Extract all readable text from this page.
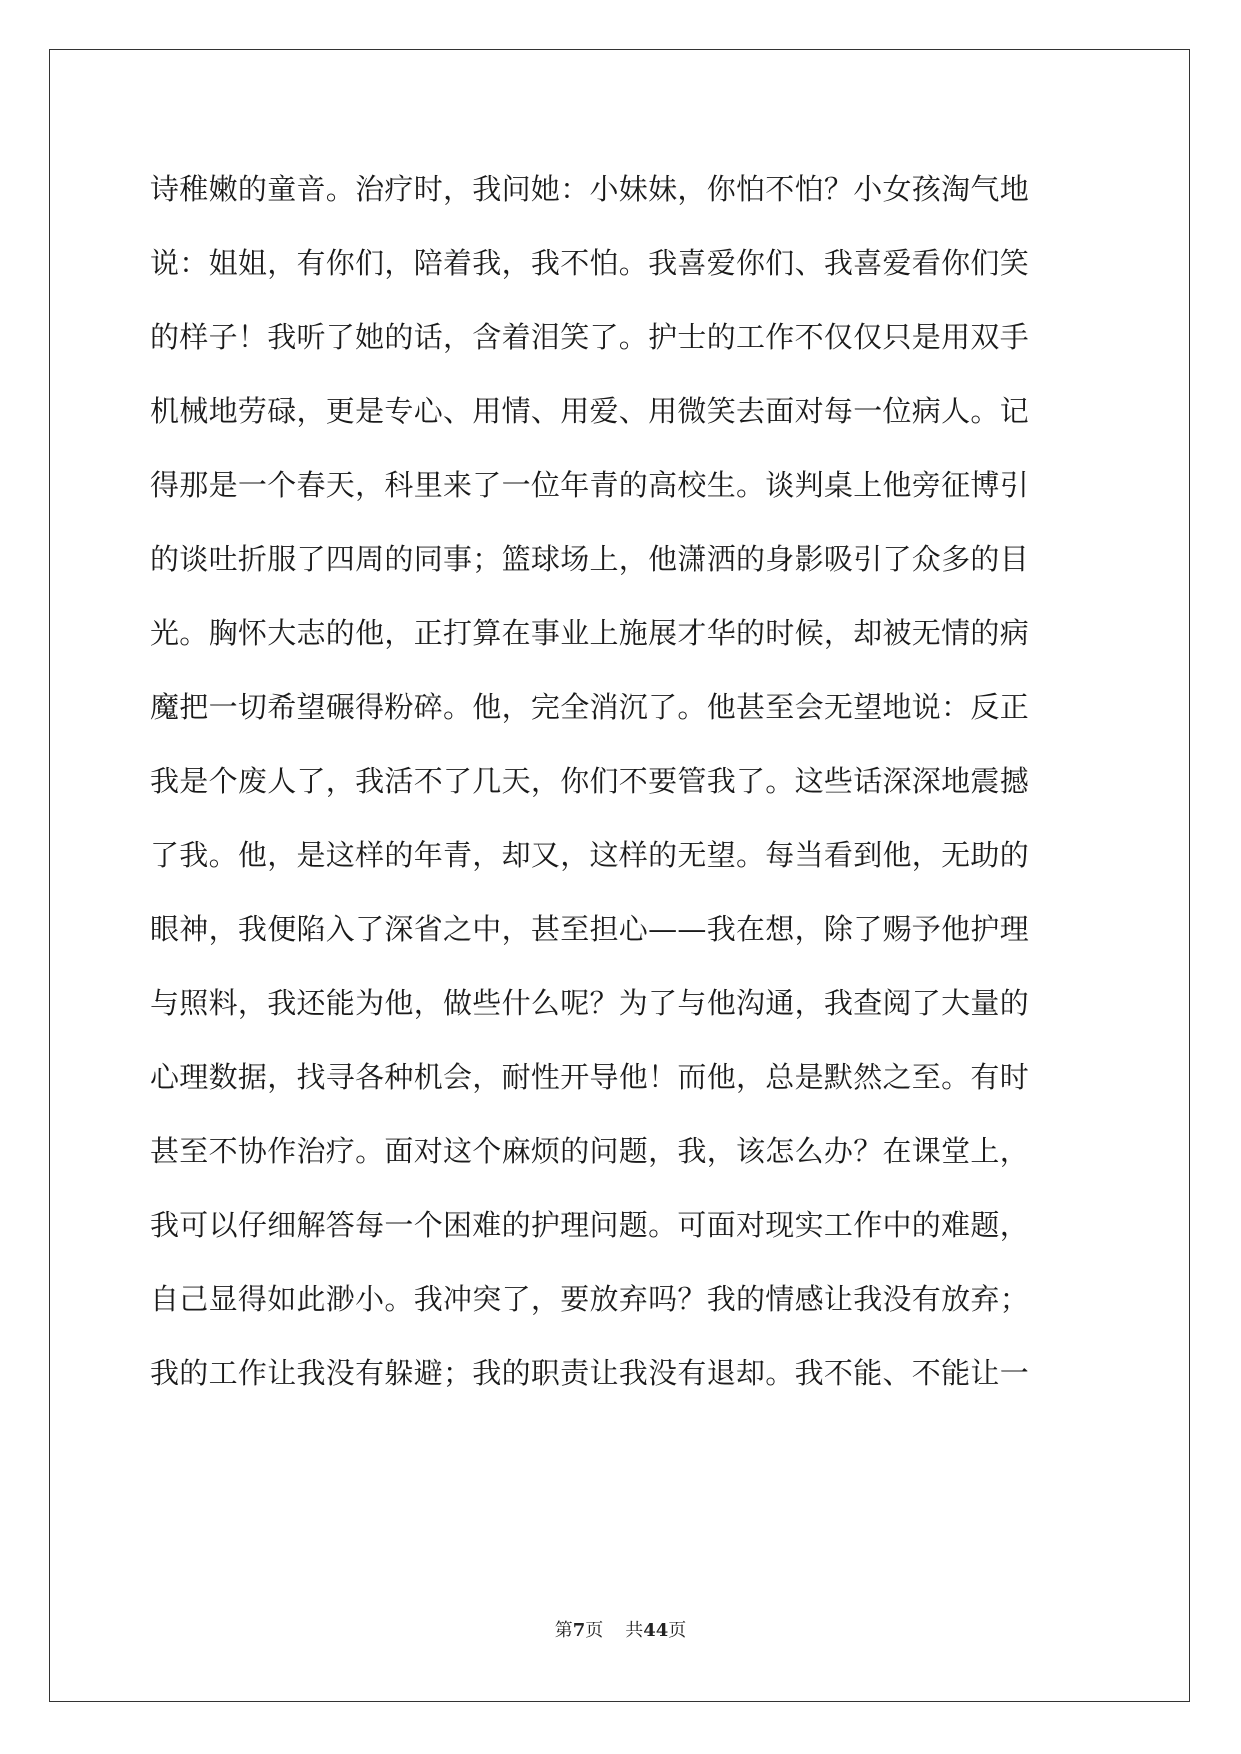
诗稚嫩的童音。治疗时，我问她：小妹妹，你怕不怕？小女孩淘气地
说：姐姐，有你们，陪着我，我不怕。我喜爱你们、我喜爱看你们笑
的样子！我听了她的话，含着泪笑了。护士的工作不仅仅只是用双手
机械地劳碌，更是专心、用情、用爱、用微笑去面对每一位病人。记
得那是一个春天，科里来了一位年青的高校生。谈判桌上他旁征博引
的谈吐折服了四周的同事；篮球场上，他潇洒的身影吸引了众多的目
光。胸怀大志的他，正打算在事业上施展才华的时候，却被无情的病
魔把一切希望碾得粉碎。他，完全消沉了。他甚至会无望地说：反正
我是个废人了，我活不了几天，你们不要管我了。这些话深深地震撼
了我。他，是这样的年青，却又，这样的无望。每当看到他，无助的
眼神，我便陷入了深省之中，甚至担心——我在想，除了赐予他护理
与照料，我还能为他，做些什么呢？为了与他沟通，我查阅了大量的
心理数据，找寻各种机会，耐性开导他！而他，总是默然之至。有时
甚至不协作治疗。面对这个麻烦的问题，我，该怎么办？在课堂上，
我可以仔细解答每一个困难的护理问题。可面对现实工作中的难题，
自己显得如此渺小。我冲突了，要放弃吗？我的情感让我没有放弃；
我的工作让我没有躲避；我的职责让我没有退却。我不能、不能让一
第7页 共44页
